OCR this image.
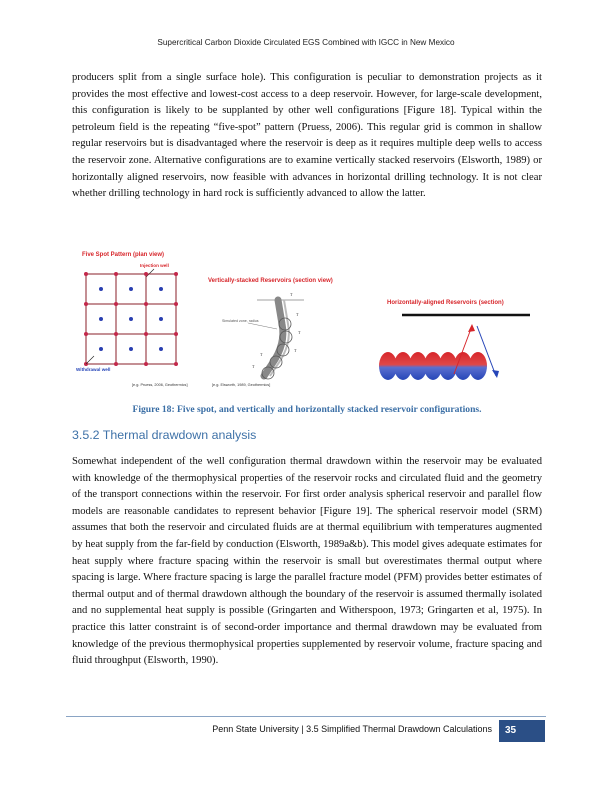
Supercritical Carbon Dioxide Circulated EGS Combined with IGCC in New Mexico

producers split from a single surface hole). This configuration is peculiar to demonstration projects as it provides the most effective and lowest-cost access to a deep reservoir. However, for large-scale development, this configuration is likely to be supplanted by other well configurations [Figure 18]. Typical within the petroleum field is the repeating “five-spot” pattern (Pruess, 2006). This regular grid is common in shallow regular reservoirs but is disadvantaged where the reservoir is deep as it requires multiple deep wells to access the reservoir zone. Alternative configurations are to examine vertically stacked reservoirs (Elsworth, 1989) or horizontally aligned reservoirs, now feasible with advances in horizontal drilling technology. It is not clear whether drilling technology in hard rock is sufficiently advanced to allow the latter.

Five Spot Pattern (plan view)
Injection well
Withdrawal well
[e.g. Pruess, 2006, Geothermics]
Vertically-stacked Reservoirs (section view)
Simulated zone, radius
T
T
T
T
T
T
[e.g. Elsworth, 1989, Geothermics]
Horizontally-aligned Reservoirs (section)
Figure 18: Five spot, and vertically and horizontally stacked reservoir configurations.
3.5.2 Thermal drawdown analysis

Somewhat independent of the well configuration thermal drawdown within the reservoir may be evaluated with knowledge of the thermophysical properties of the reservoir rocks and circulated fluid and the geometry of the transport connections within the reservoir. For first order analysis spherical reservoir and parallel flow models are reasonable candidates to represent behavior [Figure 19]. The spherical reservoir model (SRM) assumes that both the reservoir and circulated fluids are at thermal equilibrium with temperatures augmented by heat supply from the far-field by conduction (Elsworth, 1989a&b). This model gives adequate estimates for heat supply where fracture spacing within the reservoir is small but overestimates thermal output where spacing is large. Where fracture spacing is large the parallel fracture model (PFM) provides better estimates of thermal output and of thermal drawdown although the boundary of the reservoir is assumed thermally isolated and no supplemental heat supply is possible (Gringarten and Witherspoon, 1973; Gringarten et al, 1975). In practice this latter constraint is of second-order importance and thermal drawdown may be evaluated from knowledge of the previous thermophysical properties supplemented by reservoir volume, fracture spacing and fluid throughput (Elsworth, 1990).

Penn State University | 3.5 Simplified Thermal Drawdown Calculations	35
